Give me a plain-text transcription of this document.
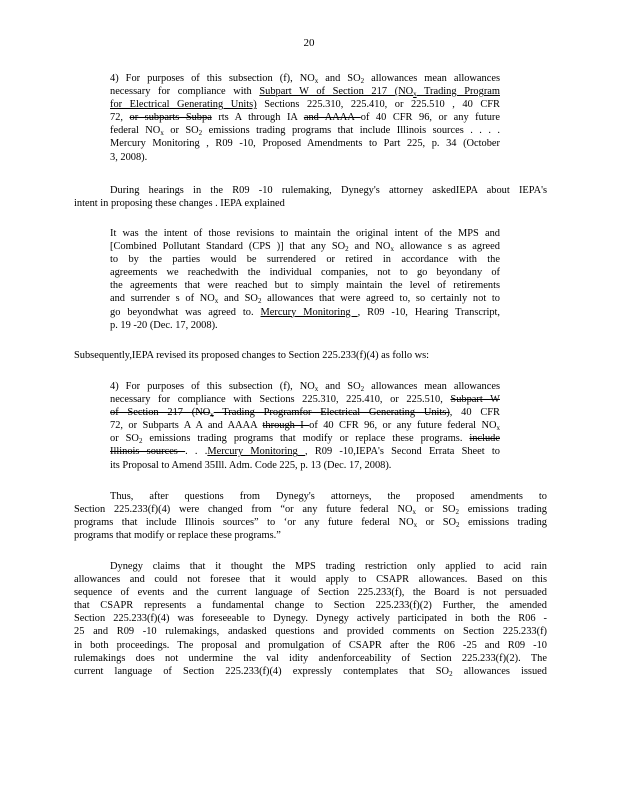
20
4) For purposes of this subsection (f), $NO_x$ and $SO_2$ allowances mean allowances
necessary for compliance with Subpart W of Section 217 ($NO_x$ Trading Program
for Electrical Generating Units) Sections 225.310, 225.410, or 225.510 , 40 CFR
72, or subparts Subpa rts A through IA and AAAA of 40 CFR 96, or any future
federal $NO_x$ or $SO_2$ emissions trading programs that include Illinois sources . . . .
Mercury Monitoring , R09 -10, Proposed Amendments to Part 225, p. 34 (October
3, 2008).
During hearings in the R09 -10 rulemaking, Dynegy's attorney askedIEPA about IEPA's
intent in proposing these changes . IEPA explained
It was the intent of those revisions to maintain the original intent of the MPS and
[Combined Pollutant Standard (CPS )] that any $SO_2$ and $NO_x$ allowance s as agreed
to by the parties would be surrendered or retired in accordance with the
agreements we reachedwith the individual companies, not to go beyondany of
the agreements that were reached but to simply maintain the level of retirements
and surrender s of $NO_x$ and $SO_2$ allowances that were agreed to, so certainly not to
go beyondwhat was agreed to. Mercury Monitoring , R09 -10, Hearing Transcript,
p. 19 -20 (Dec. 17, 2008).
Subsequently,IEPA revised its proposed changes to Section 225.233(f)(4) as follo ws:
4) For purposes of this subsection (f), $NO_x$ and $SO_2$ allowances mean allowances
necessary for compliance with Sections 225.310, 225.410, or 225.510, Subpart W
of Section 217 ($NO_x$ Trading Programfor Electrical Generating Units), 40 CFR
72, or Subparts A A and AAAA through I of 40 CFR 96, or any future federal $NO_x$
or $SO_2$ emissions trading programs that modify or replace these programs. include
Illinois sources . . .Mercury Monitoring , R09 -10,IEPA's Second Errata Sheet to
its Proposal to Amend 35Ill. Adm. Code 225, p. 13 (Dec. 17, 2008).
Thus, after questions from Dynegy's attorneys, the proposed amendments to
Section 225.233(f)(4) were changed from “or any future federal $NO_x$ or $SO_2$ emissions trading
programs that include Illinois sources” to ‘or any future federal $NO_x$ or $SO_2$ emissions trading
programs that modify or replace these programs.”
Dynegy claims that it thought the MPS trading restriction only applied to acid rain
allowances and could not foresee that it would apply to CSAPR allowances. Based on this
sequence of events and the current language of Section 225.233(f), the Board is not persuaded
that CSAPR represents a fundamental change to Section 225.233(f)(2) Further, the amended
Section 225.233(f)(4) was foreseeable to Dynegy. Dynegy actively participated in both the R06 -
25 and R09 -10 rulemakings, andasked questions and provided comments on Section 225.233(f)
in both proceedings. The proposal and promulgation of CSAPR after the R06 -25 and R09 -10
rulemakings does not undermine the val idity andenforceability of Section 225.233(f)(2). The
current language of Section 225.233(f)(4) expressly contemplates that $SO_2$ allowances issued
